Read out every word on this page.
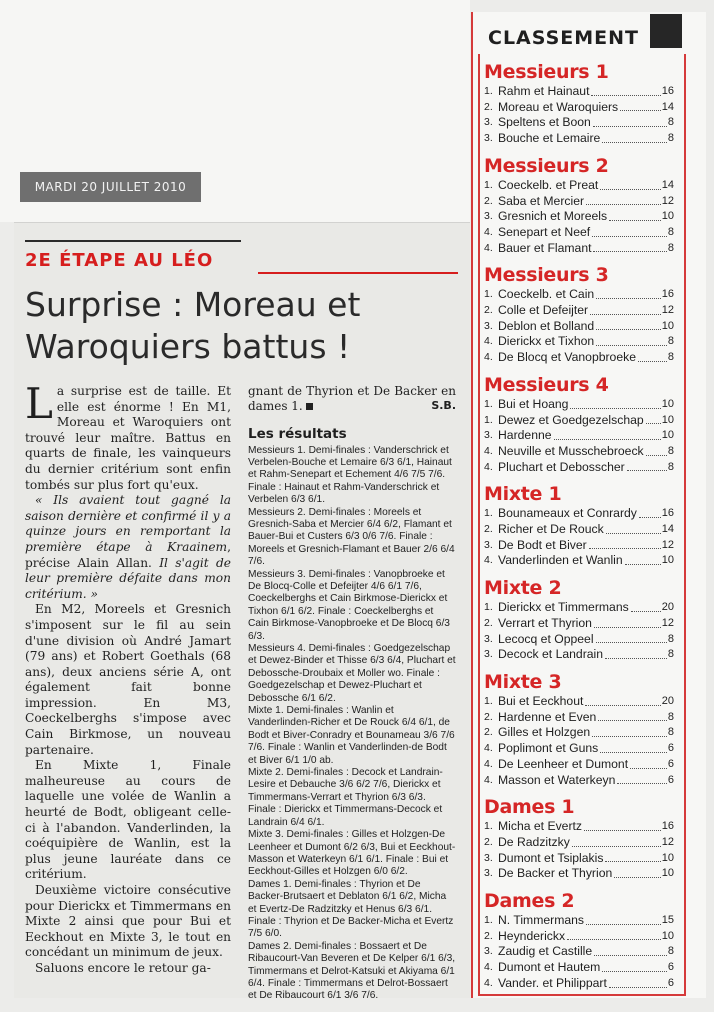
MARDI 20 JUILLET 2010
2E ÉTAPE AU LÉO
Surprise : Moreau et Waroquiers battus !

La surprise est de taille. Et elle est énorme ! En M1, Moreau et Waroquiers ont trouvé leur maître. Battus en quarts de finale, les vainqueurs du dernier critérium sont enfin tombés sur plus fort qu'eux.

« Ils avaient tout gagné la saison dernière et confirmé il y a quinze jours en remportant la première étape à Kraainem, précise Alain Allan. Il s'agit de leur première défaite dans mon critérium. »

En M2, Moreels et Gresnich s'imposent sur le fil au sein d'une division où André Jamart (79 ans) et Robert Goethals (68 ans), deux anciens série A, ont également fait bonne impression. En M3, Coeckelberghs s'impose avec Cain Birkmose, un nouveau partenaire.

En Mixte 1, Finale malheureuse au cours de laquelle une volée de Wanlin a heurté de Bodt, obligeant celle-ci à l'abandon. Vanderlinden, la coéquipière de Wanlin, est la plus jeune lauréate dans ce critérium.

Deuxième victoire consécutive pour Dierickx et Timmermans en Mixte 2 ainsi que pour Bui et Eeckhout en Mixte 3, le tout en concédant un minimum de jeux.

Saluons encore le retour ga-

gnant de Thyrion et De Backer en dames 1.	S.B.
Les résultats

Messieurs 1. Demi-finales : Vanderschrick et Verbelen-Bouche et Lemaire 6/3 6/1, Hainaut et Rahm-Senepart et Echement 4/6 7/5 7/6. Finale : Hainaut et Rahm-Vanderschrick et Verbelen 6/3 6/1.

Messieurs 2. Demi-finales : Moreels et Gresnich-Saba et Mercier 6/4 6/2, Flamant et Bauer-Bui et Custers 6/3 0/6 7/6. Finale : Moreels et Gresnich-Flamant et Bauer 2/6 6/4 7/6.

Messieurs 3. Demi-finales : Vanopbroeke et De Blocq-Colle et Defeijter 4/6 6/1 7/6, Coeckelberghs et Cain Birkmose-Dierickx et Tixhon 6/1 6/2. Finale : Coeckelberghs et Cain Birkmose-Vanopbroeke et De Blocq 6/3 6/3.

Messieurs 4. Demi-finales : Goedgezelschap et Dewez-Binder et Thisse 6/3 6/4, Pluchart et Debossche-Droubaix et Moller wo. Finale : Goedgezelschap et Dewez-Pluchart et Debossche 6/1 6/2.

Mixte 1. Demi-finales : Wanlin et Vanderlinden-Richer et De Rouck 6/4 6/1, de Bodt et Biver-Conradry et Bounameau 3/6 7/6 7/6. Finale : Wanlin et Vanderlinden-de Bodt et Biver 6/1 1/0 ab.

Mixte 2. Demi-finales : Decock et Landrain-Lesire et Debauche 3/6 6/2 7/6, Dierickx et Timmermans-Verrart et Thyrion 6/3 6/3. Finale : Dierickx et Timmermans-Decock et Landrain 6/4 6/1.

Mixte 3. Demi-finales : Gilles et Holzgen-De Leenheer et Dumont 6/2 6/3, Bui et Eeckhout-Masson et Waterkeyn 6/1 6/1. Finale : Bui et Eeckhout-Gilles et Holzgen 6/0 6/2.

Dames 1. Demi-finales : Thyrion et De Backer-Brutsaert et Deblaton 6/1 6/2, Micha et Evertz-De Radzitzky et Henus 6/3 6/1. Finale : Thyrion et De Backer-Micha et Evertz 7/5 6/0.

Dames 2. Demi-finales : Bossaert et De Ribaucourt-Van Beveren et De Kelper 6/1 6/3, Timmermans et Delrot-Katsuki et Akiyama 6/1 6/4. Finale : Timmermans et Delrot-Bossaert et De Ribaucourt 6/1 3/6 7/6.

CLASSEMENT
Messieurs 1
1. Rahm et Hainaut	16
2. Moreau et Waroquiers	14
3. Speltens et Boon	8
3. Bouche et Lemaire	8
Messieurs 2
1. Coeckelb. et Preat	14
2. Saba et Mercier	12
3. Gresnich et Moreels	10
4. Senepart et Neef	8
4. Bauer et Flamant	8
Messieurs 3
1. Coeckelb. et Cain	16
2. Colle et Defeijter	12
3. Deblon et Bolland	10
4. Dierickx et Tixhon	8
4. De Blocq et Vanopbroeke	8
Messieurs 4
1. Bui et Hoang	10
1. Dewez et Goedgezelschap 10
3. Hardenne	10
4. Neuville et Musschebroeck 8
4. Pluchart et Debosscher	8
Mixte 1
1. Bounameaux et Conrardy 16
2. Richer et De Rouck	14
3. De Bodt et Biver	12
4. Vanderlinden et Wanlin	10
Mixte 2
1. Dierickx et Timmermans	20
2. Verrart et Thyrion	12
3. Lecocq et Oppeel	8
3. Decock et Landrain	8
Mixte 3
1. Bui et Eeckhout	20
2. Hardenne et Even	8
2. Gilles et Holzgen	8
4. Poplimont et Guns	6
4. De Leenheer et Dumont	6
4. Masson et Waterkeyn	6
Dames 1
1. Micha et Evertz	16
2. De Radzitzky	12
3. Dumont et Tsiplakis	10
3. De Backer et Thyrion	10
Dames 2
1. N. Timmermans	15
2. Heynderickx	10
3. Zaudig et Castille	8
4. Dumont et Hautem	6
4. Vander. et Philippart	6
